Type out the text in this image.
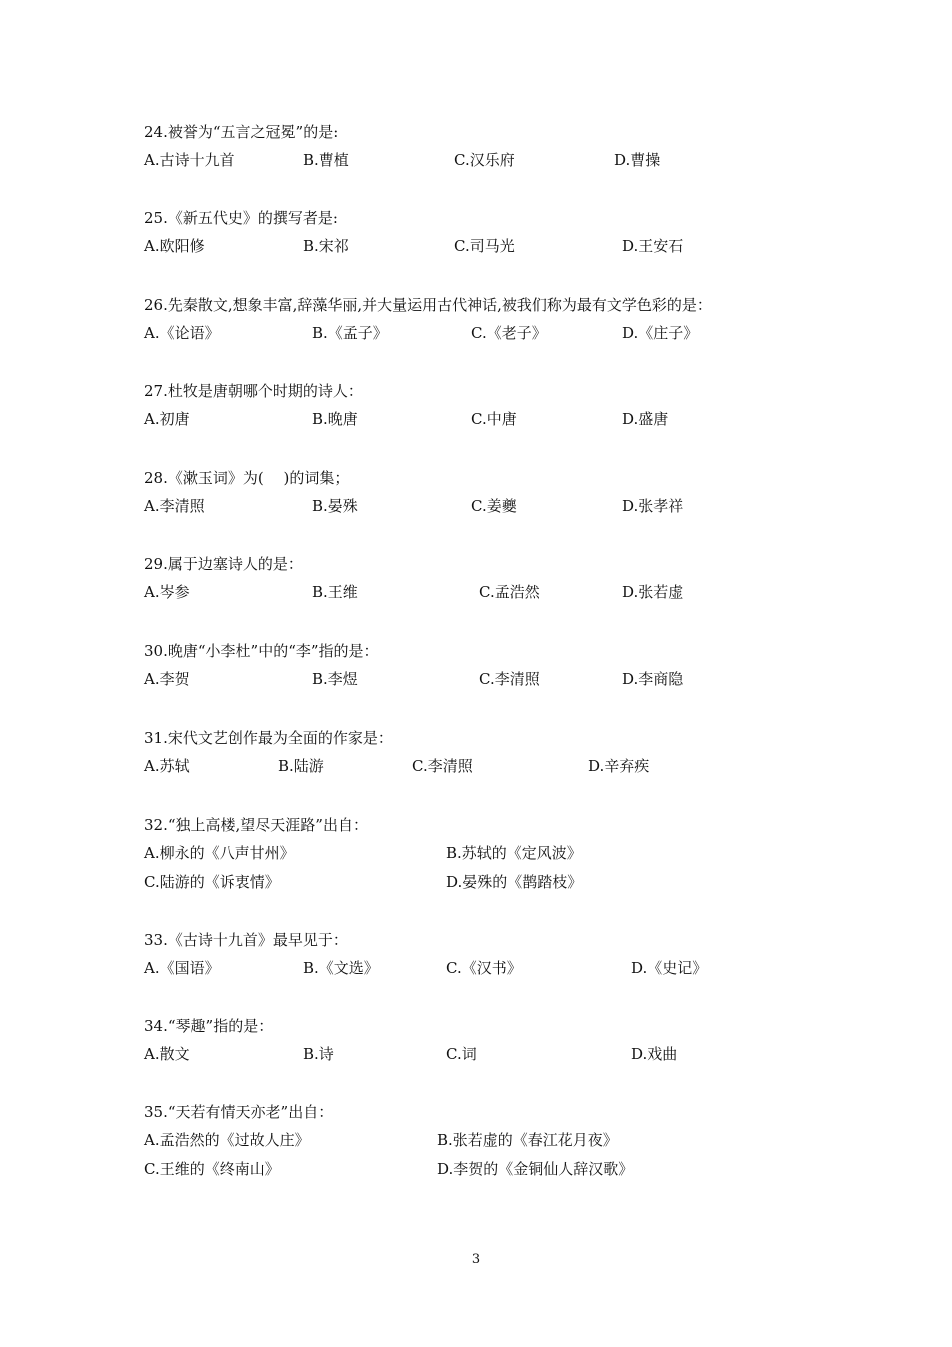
24.被誉为“五言之冠冕”的是:
A.古诗十九首	B.曹植	C.汉乐府	D.曹操
25.《新五代史》的撰写者是:
A.欧阳修	B.宋祁	C.司马光	D.王安石
26.先秦散文,想象丰富,辞藻华丽,并大量运用古代神话,被我们称为最有文学色彩的是：
A.《论语》	B.《孟子》	C.《老子》	D.《庄子》
27.杜牧是唐朝哪个时期的诗人：
A.初唐	B.晚唐	C.中唐	D.盛唐
28.《漱玉词》为(　 )的词集；
A.李清照	B.晏殊	C.姜夔	D.张孝祥
29.属于边塞诗人的是：
A.岑参	B.王维	C.孟浩然	D.张若虚
30.晚唐“小李杜”中的“李”指的是：
A.李贺	B.李煜	C.李清照	D.李商隐
31.宋代文艺创作最为全面的作家是：
A.苏轼	B.陆游	C.李清照	D.辛弃疾
32.“独上高楼,望尽天涯路”出自：
A.柳永的《八声甘州》	B.苏轼的《定风波》
C.陆游的《诉衷情》	D.晏殊的《鹊踏枝》
33.《古诗十九首》最早见于：
A.《国语》	B.《文选》	C.《汉书》	D.《史记》
34.“琴趣”指的是：
A.散文	B.诗	C.词	D.戏曲
35.“天若有情天亦老”出自：
A.孟浩然的《过故人庄》	B.张若虚的《春江花月夜》
C.王维的《终南山》	D.李贺的《金铜仙人辞汉歌》
3
